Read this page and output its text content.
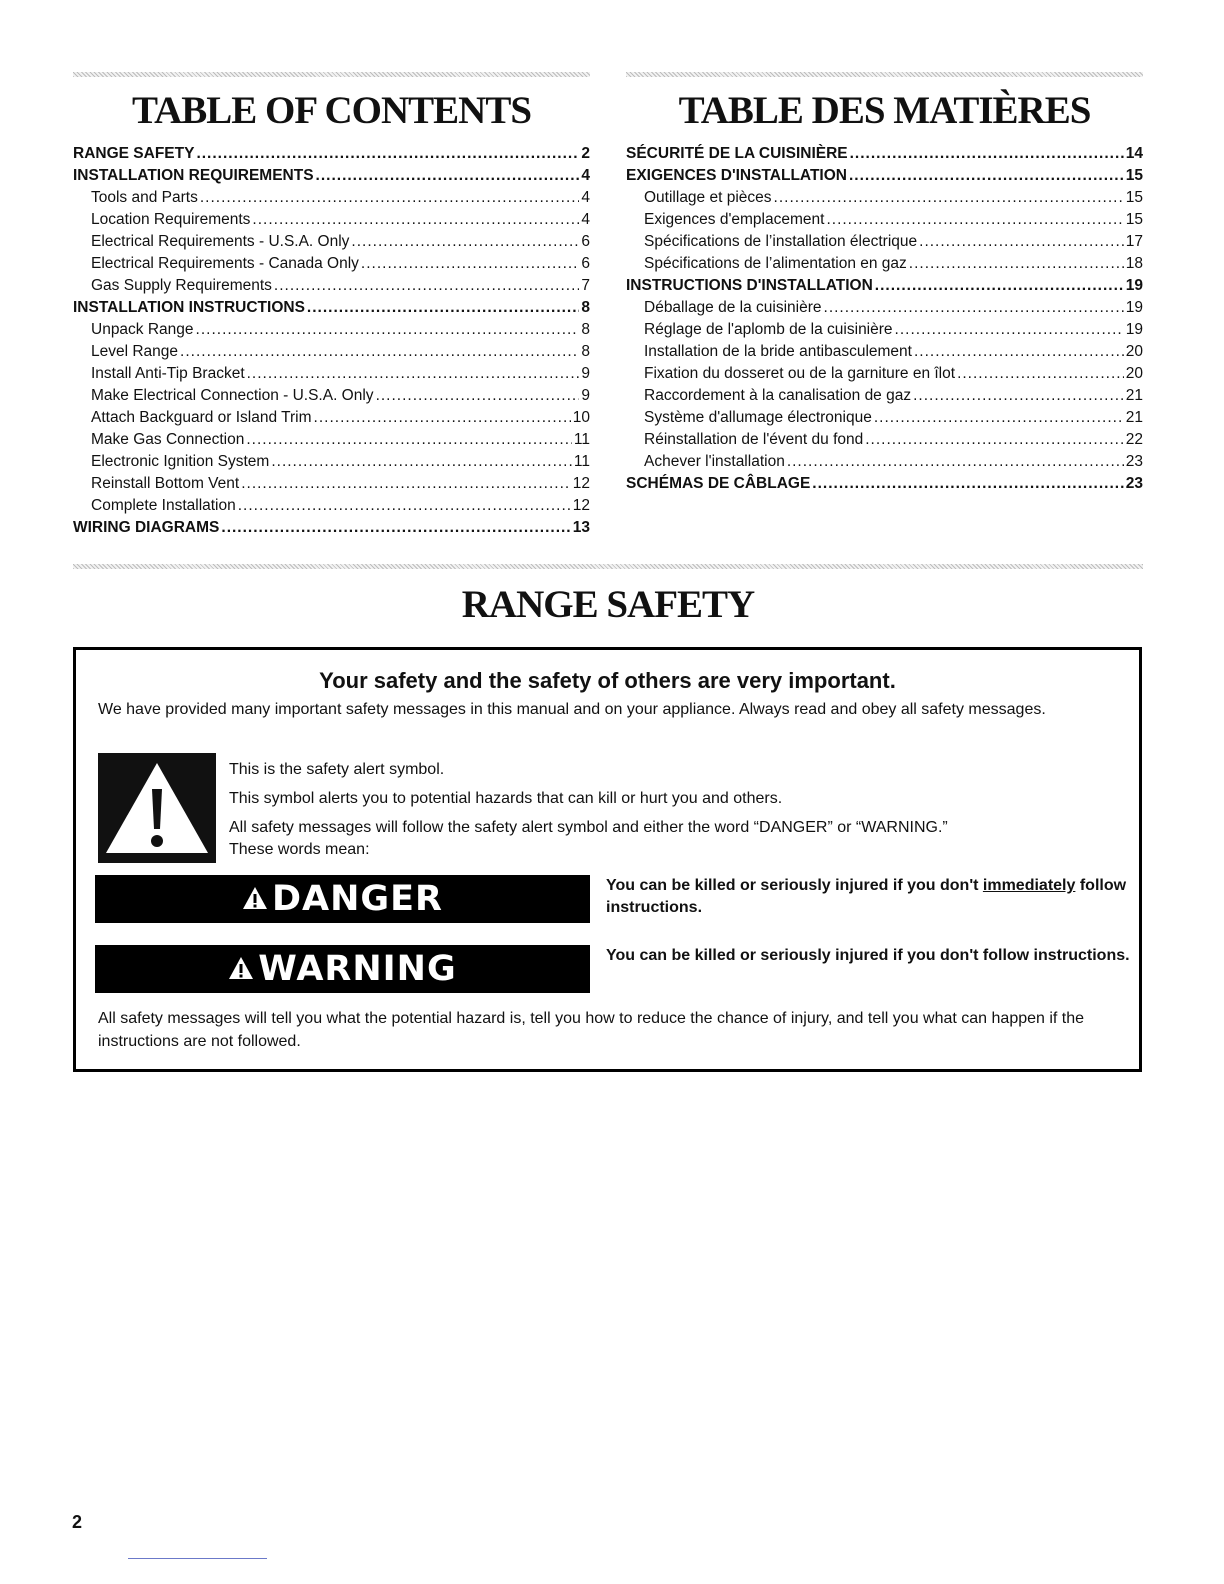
TABLE OF CONTENTS
RANGE SAFETY .....	2
INSTALLATION REQUIREMENTS .....	4
Tools and Parts .....	4
Location Requirements .....	4
Electrical Requirements - U.S.A. Only .....	6
Electrical Requirements - Canada Only .....	6
Gas Supply Requirements .....	7
INSTALLATION INSTRUCTIONS .....	8
Unpack Range .....	8
Level Range .....	8
Install Anti-Tip Bracket .....	9
Make Electrical Connection - U.S.A. Only .....	9
Attach Backguard or Island Trim .....	10
Make Gas Connection .....	11
Electronic Ignition System .....	11
Reinstall Bottom Vent .....	12
Complete Installation .....	12
WIRING DIAGRAMS .....	13
TABLE DES MATIÈRES
SÉCURITÉ DE LA CUISINIÈRE .....	14
EXIGENCES D'INSTALLATION .....	15
Outillage et pièces .....	15
Exigences d'emplacement .....	15
Spécifications de l’installation électrique .....	17
Spécifications de l’alimentation en gaz .....	18
INSTRUCTIONS D'INSTALLATION .....	19
Déballage de la cuisinière .....	19
Réglage de l'aplomb de la cuisinière .....	19
Installation de la bride antibasculement .....	20
Fixation du dosseret ou de la garniture en îlot .....	20
Raccordement à la canalisation de gaz .....	21
Système d'allumage électronique .....	21
Réinstallation de l'évent du fond .....	22
Achever l'installation .....	23
SCHÉMAS DE CÂBLAGE .....	23
RANGE SAFETY

Your safety and the safety of others are very important.

We have provided many important safety messages in this manual and on your appliance. Always read and obey all safety messages.

This is the safety alert symbol.

This symbol alerts you to potential hazards that can kill or hurt you and others.

All safety messages will follow the safety alert symbol and either the word “DANGER” or “WARNING.”

These words mean:

DANGER	You can be killed or seriously injured if you don't immediately follow instructions.

WARNING	You can be killed or seriously injured if you don't follow instructions.

All safety messages will tell you what the potential hazard is, tell you how to reduce the chance of injury, and tell you what can happen if the instructions are not followed.

2
